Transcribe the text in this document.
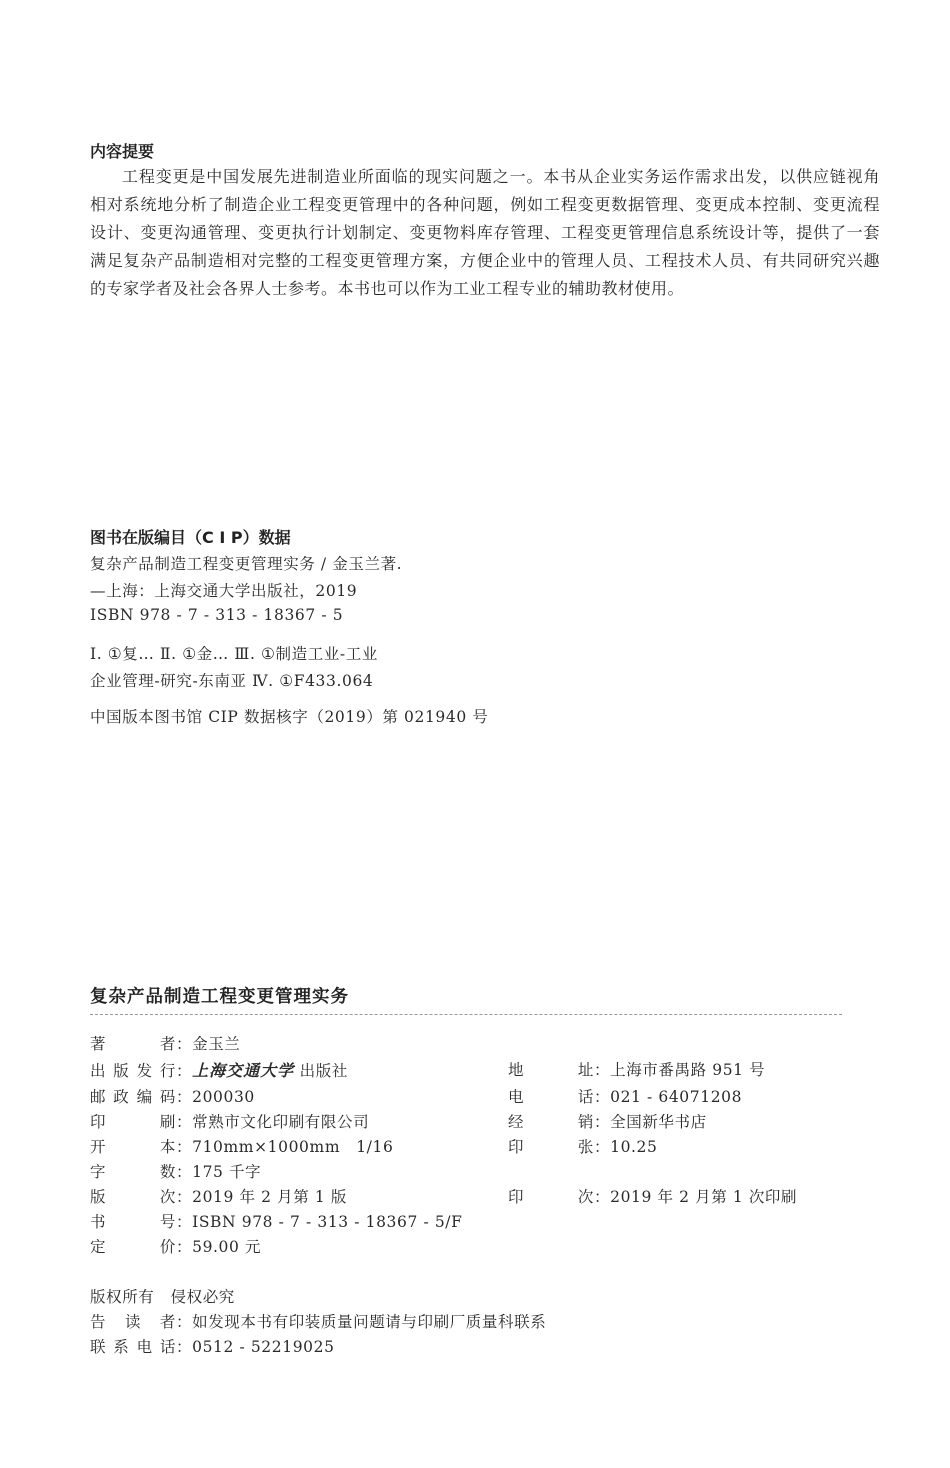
内容提要

工程变更是中国发展先进制造业所面临的现实问题之一。本书从企业实务运作需求出发，以供应链视角相对系统地分析了制造企业工程变更管理中的各种问题，例如工程变更数据管理、变更成本控制、变更流程设计、变更沟通管理、变更执行计划制定、变更物料库存管理、工程变更管理信息系统设计等，提供了一套满足复杂产品制造相对完整的工程变更管理方案，方便企业中的管理人员、工程技术人员、有共同研究兴趣的专家学者及社会各界人士参考。本书也可以作为工业工程专业的辅助教材使用。

图书在版编目（C I P）数据
复杂产品制造工程变更管理实务 / 金玉兰著.
—上海：上海交通大学出版社，2019
ISBN 978 - 7 - 313 - 18367 - 5
Ⅰ. ①复… Ⅱ. ①金… Ⅲ. ①制造工业-工业
企业管理-研究-东南亚 Ⅳ. ①F433.064
中国版本图书馆 CIP 数据核字（2019）第 021940 号
复杂产品制造工程变更管理实务
著　　者：金玉兰
出版发行：上海交通大学 出版社
邮政编码：200030
印　　刷：常熟市文化印刷有限公司
开　　本：710mm×1000mm　1/16
字　　数：175 千字
版　　次：2019 年 2 月第 1 版
书　　号：ISBN 978 - 7 - 313 - 18367 - 5/F
定　　价：59.00 元
地　　址：上海市番禺路 951 号
电　　话：021 - 64071208
经　　销：全国新华书店
印　　张：10.25
印　　次：2019 年 2 月第 1 次印刷
版权所有　侵权必究
告 读 者：如发现本书有印装质量问题请与印刷厂质量科联系
联系电话：0512 - 52219025
